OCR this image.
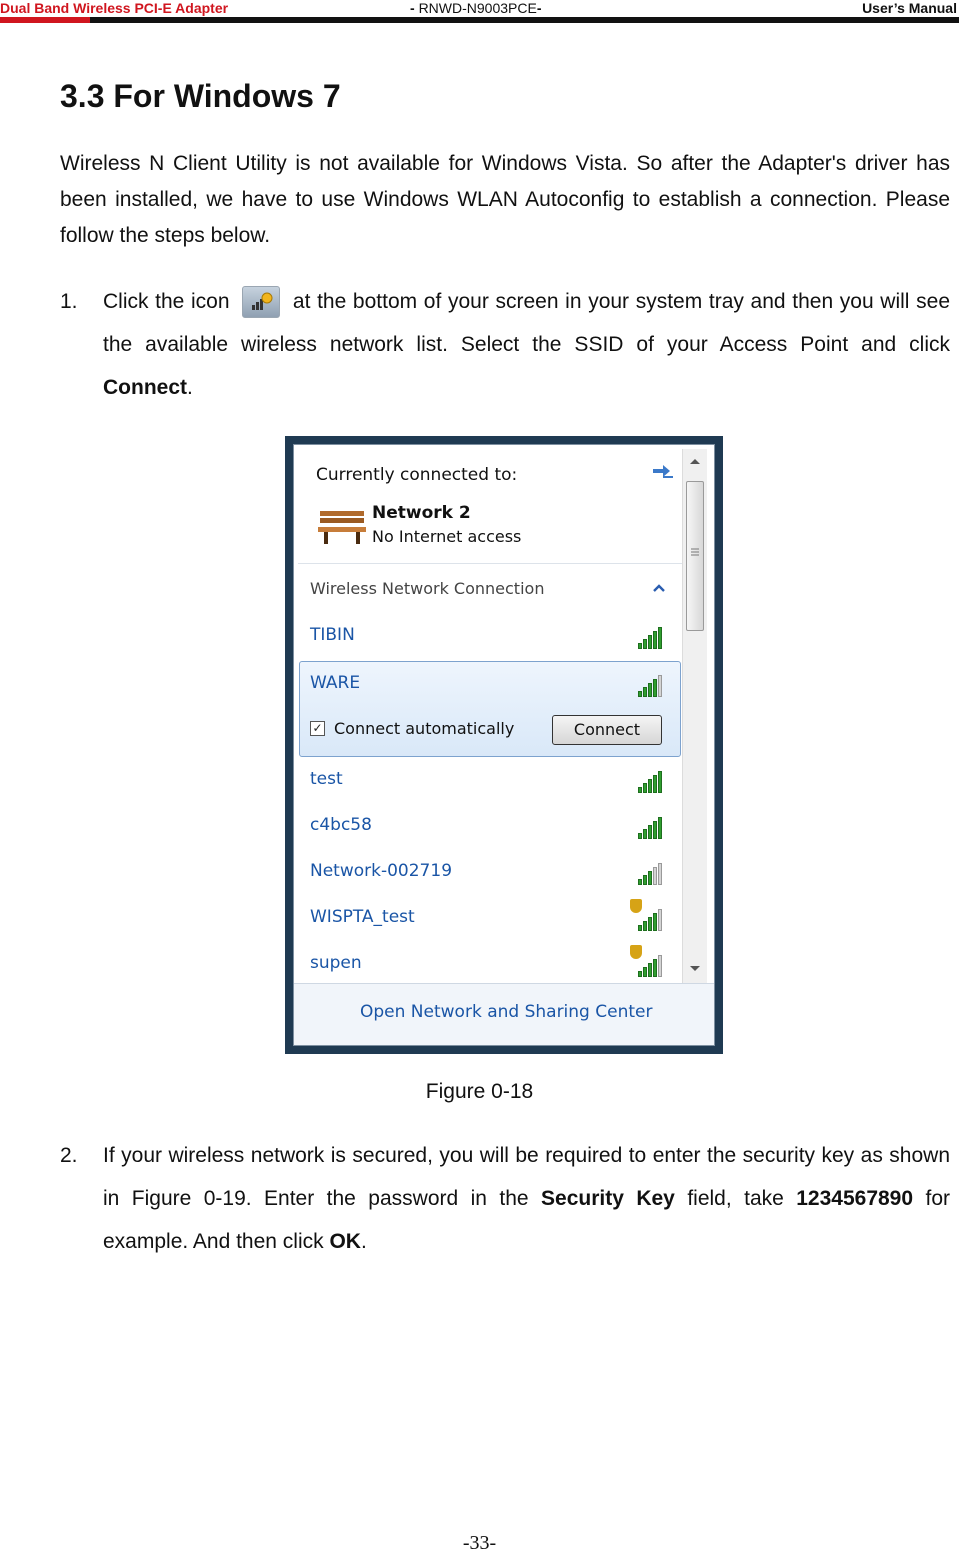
Dual Band Wireless PCI-E Adapter	- RNWD-N9003PCE-	User’s Manual
3.3 For Windows 7

Wireless N Client Utility is not available for Windows Vista. So after the Adapter's driver has been installed, we have to use Windows WLAN Autoconfig to establish a connection. Please follow the steps below.

1. Click the icon	at the bottom of your screen in your system tray and then you will see the available wireless network list. Select the SSID of your Access Point and click Connect.
Currently connected to:
Network 2
No Internet access
Wireless Network Connection
✓ Connect automatically	Connect
TIBIN
WARE
test
c4bc58
Network-002719
WISPTA_test
supen
Open Network and Sharing Center
Figure 0-18
2. If your wireless network is secured, you will be required to enter the security key as shown in Figure 0-19. Enter the password in the Security Key field, take 1234567890 for example. And then click OK.
-33-
